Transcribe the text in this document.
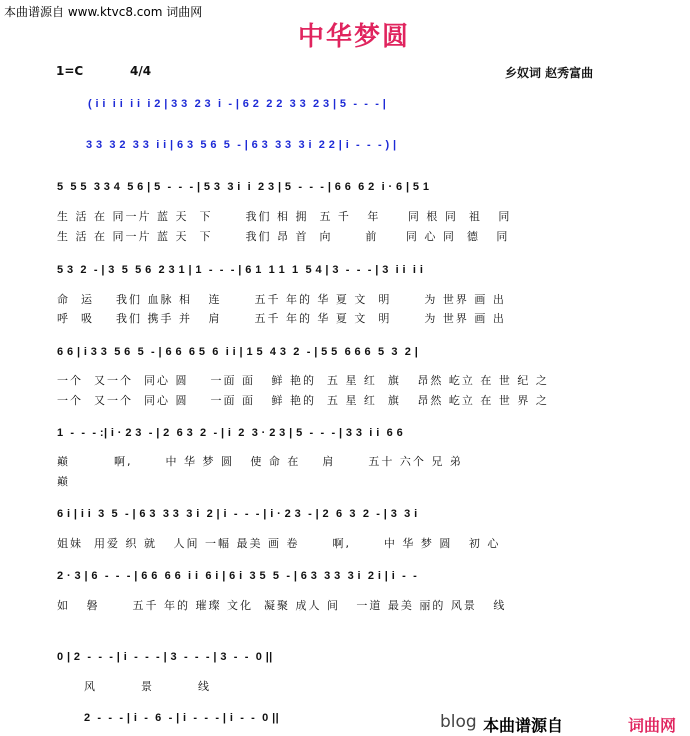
本曲谱源自 www.ktvc8.com 词曲网
中华梦圆
1=C	4/4	乡奴词 赵秀富曲
( i i  i i  i i  i 2 | 3 3  2 3  i  - | 6 2  2 2  3 3  2 3 | 5  -  -  - |
3 3  3 2  3 3  i i | 6 3  5 6  5  - | 6 3  3 3  3 i  2 2 | i  -  -  - ) |
5  5 5  3 3 4  5 6 | 5  -  -  - | 5 3  3 i  i  2 3 | 5  -  -  - | 6 6  6 2  i · 6 | 5 1
生 活 在 同一片 蓝 天  下      我们 相 拥  五 千   年     同 根 同  祖   同
生 活 在 同一片 蓝 天  下      我们 昂 首  向      前     同 心 同  德   同
5 3  2  - | 3  5  5 6  2 3 1 | 1  -  -  - | 6 1  1 1  1  5 4 | 3  -  -  - | 3  i i  i i
命  运    我们 血脉 相   连      五千 年的 华 夏 文  明      为 世界 画 出
呼  吸    我们 携手 并   肩      五千 年的 华 夏 文  明      为 世界 画 出
6 6 | i 3 3  5 6  5  - | 6 6  6 5  6  i i | 1 5  4 3  2  - | 5 5  6 6 6  5  3  2 |
一个  又一个  同心 圆    一面 面   鲜 艳的  五 星 红  旗   昂然 屹立 在 世 纪 之
一个  又一个  同心 圆    一面 面   鲜 艳的  五 星 红  旗   昂然 屹立 在 世 界 之
1  -  -  - :| i · 2 3  - | 2  6 3  2  - | i  2  3 · 2 3 | 5  -  -  - | 3 3  i i  6 6
巅        啊,      中 华 梦 圆   使 命 在    肩      五十 六个 兄 弟
巅
6 i | i i  3  5  - | 6 3  3 3  3 i  2 | i  -  -  - | i · 2 3  - | 2  6  3  2  - | 3  3 i
姐妹  用爱 织 就   人间 一幅 最美 画 卷      啊,      中 华 梦 圆   初 心
2 · 3 | 6  -  -  - | 6 6  6 6  i i  6 i | 6 i  3 5  5  - | 6 3  3 3  3 i  2 i | i  -  -
如   磐      五千 年的 璀璨 文化  凝聚 成人 间   一道 最美 丽的 风景   线
0 | 2  -  -  - | i  -  -  - | 3  -  -  - | 3  -  -  0 ||
风        景        线
2  -  -  - | i  -  6  - | i  -  -  - | i  -  -  0 ||	blog 本曲谱源自	词曲网
